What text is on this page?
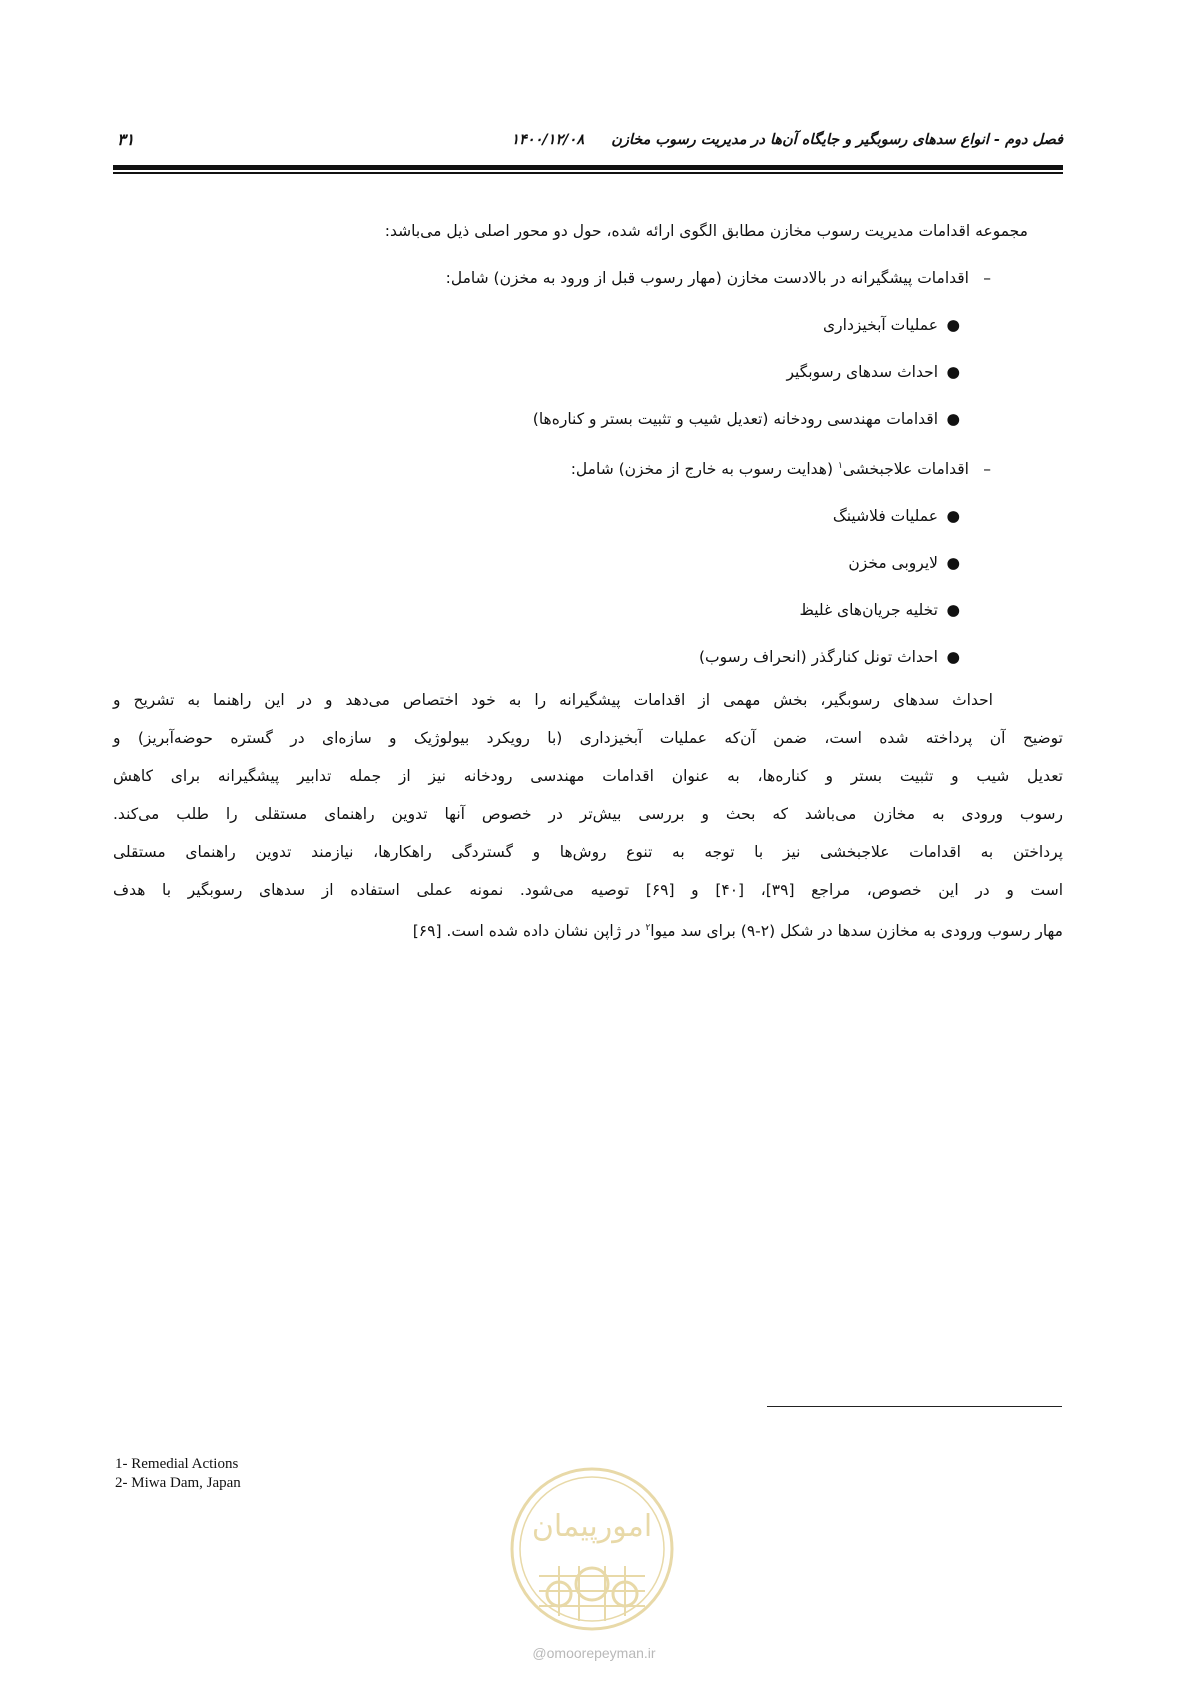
فصل دوم - انواع سدهای رسوبگیر و جایگاه آن‌ها در مدیریت رسوب مخازن ۱۴۰۰/۱۲/۰۸
۳۱

مجموعه اقدامات مدیریت رسوب مخازن مطابق الگوی ارائه شده، حول دو محور اصلی ذیل می‌باشد:

–اقدامات پیشگیرانه در بالادست مخازن (مهار رسوب قبل از ورود به مخزن) شامل:

●عملیات آبخیزداری

●احداث سدهای رسوبگیر

●اقدامات مهندسی رودخانه (تعدیل شیب و تثبیت بستر و کناره‌ها)

–اقدامات علاجبخشی$^۱$ (هدایت رسوب به خارج از مخزن) شامل:

●عملیات فلاشینگ

●لایروبی مخزن

●تخلیه جریان‌های غلیظ

●احداث تونل کنارگذر (انحراف رسوب)

احداث سدهای رسوبگیر، بخش مهمی از اقدامات پیشگیرانه را به خود اختصاص می‌دهد و در این راهنما به تشریح و
توضیح آن پرداخته شده است، ضمن آن‌که عملیات آبخیزداری (با رویکرد بیولوژیک و سازه‌ای در گستره حوضه‌آبریز) و
تعدیل شیب و تثبیت بستر و کناره‌ها، به عنوان اقدامات مهندسی رودخانه نیز از جمله تدابیر پیشگیرانه برای کاهش
رسوب ورودی به مخازن می‌باشد که بحث و بررسی بیش‌تر در خصوص آنها تدوین راهنمای مستقلی را طلب می‌کند.
پرداختن به اقدامات علاجبخشی نیز با توجه به تنوع روش‌ها و گستردگی راهکارها، نیازمند تدوین راهنمای مستقلی
است و در این خصوص، مراجع [۳۹]، [۴۰] و [۶۹] توصیه می‌شود. نمونه عملی استفاده از سدهای رسوبگیر با هدف
مهار رسوب ورودی به مخازن سدها در شکل (۲-۹) برای سد میوا$^۲$ در ژاپن نشان داده شده است. [۶۹]
1- Remedial Actions
2- Miwa Dam, Japan
امورپیمان
@omoorepeyman.ir
